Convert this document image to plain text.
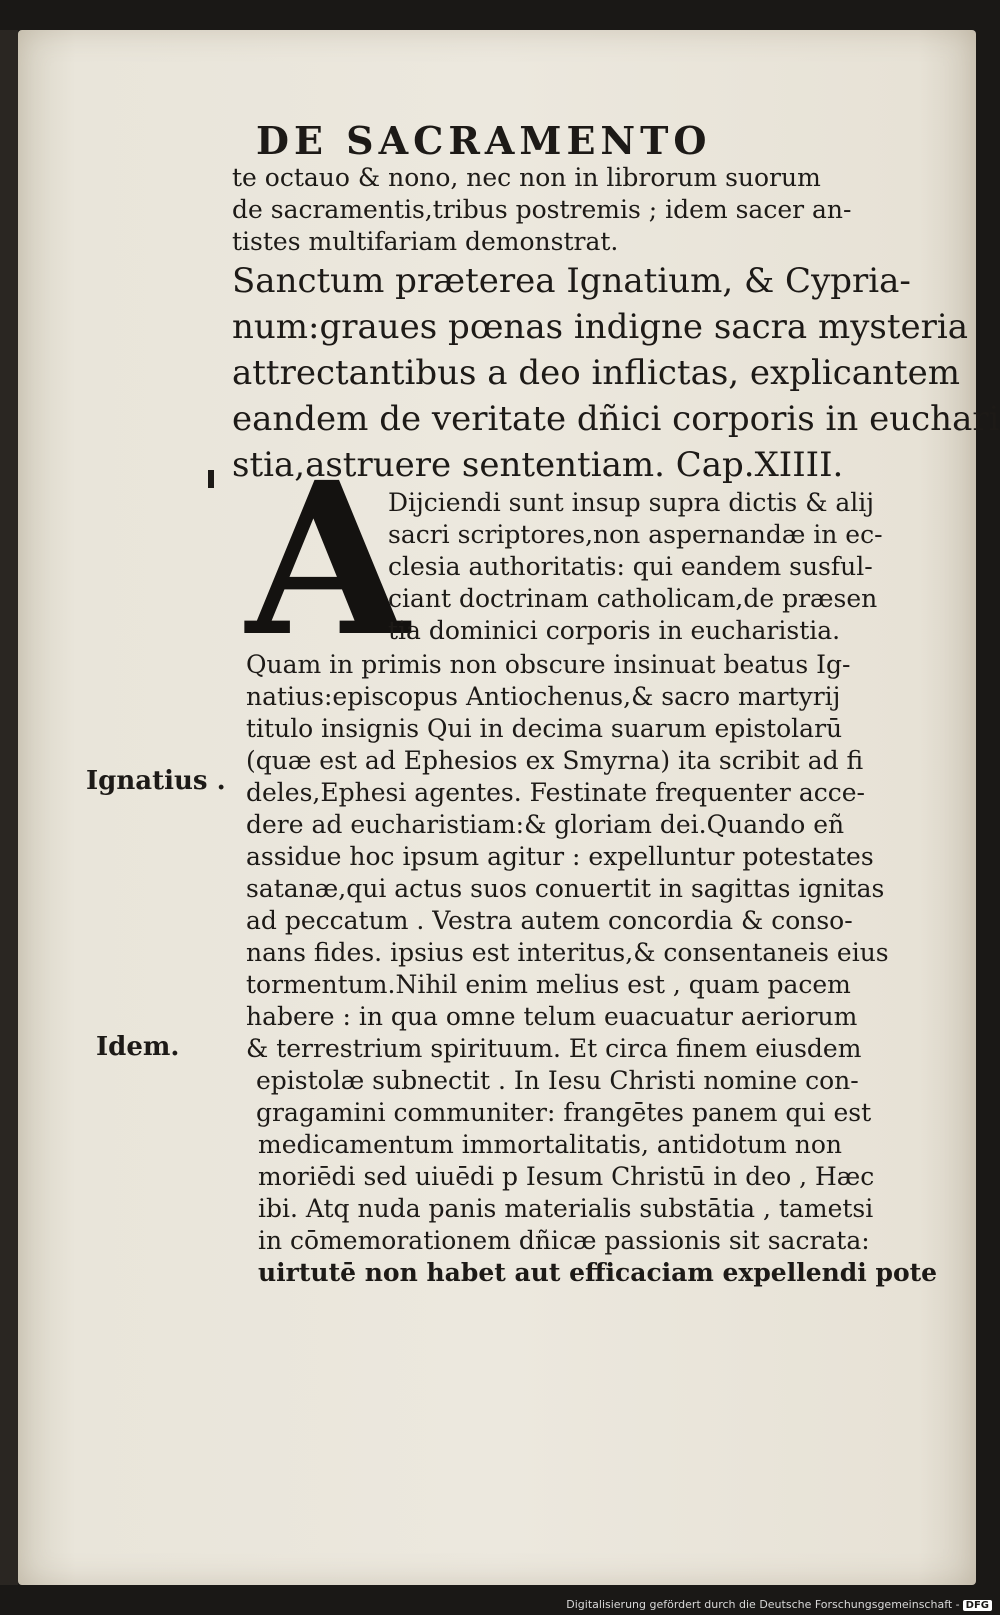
DE SACRAMENTO
te octauo & nono, nec non in librorum suorum
de sacramentis,tribus postremis ; idem sacer an-
tistes multifariam demonstrat.
Sanctum præterea Ignatium, & Cypria-
num:graues pœnas indigne sacra mysteria
attrectantibus a deo inflictas, explicantem
eandem de veritate dñici corporis in euchari
stia,astruere sententiam. Cap.XIIII.
A
Dijciendi sunt insup supra dictis & alij
sacri scriptores,non aspernandæ in ec-
clesia authoritatis: qui eandem susful-
ciant doctrinam catholicam,de præsen
tia dominici corporis in eucharistia.
Quam in primis non obscure insinuat beatus Ig-
natius:episcopus Antiochenus,& sacro martyrij
titulo insignis Qui in decima suarum epistolarū
(quæ est ad Ephesios ex Smyrna) ita scribit ad fi
deles,Ephesi agentes. Festinate frequenter acce-
dere ad eucharistiam:& gloriam dei.Quando eñ
assidue hoc ipsum agitur : expelluntur potestates
satanæ,qui actus suos conuertit in sagittas ignitas
ad peccatum . Vestra autem concordia & conso-
nans fides. ipsius est interitus,& consentaneis eius
tormentum.Nihil enim melius est , quam pacem
habere : in qua omne telum euacuatur aeriorum
& terrestrium spirituum. Et circa finem eiusdem
epistolæ subnectit . In Iesu Christi nomine con-
gragamini communiter: frangētes panem qui est
medicamentum immortalitatis, antidotum non
moriēdi sed uiuēdi p Iesum Christū in deo , Hæc
ibi. Atq nuda panis materialis substātia , tametsi
in cōmemorationem dñicæ passionis sit sacrata:
uirtutē non habet aut efficaciam expellendi pote
Ignatius .
Idem.
Digitalisierung gefördert durch die Deutsche Forschungsgemeinschaft - DFG
